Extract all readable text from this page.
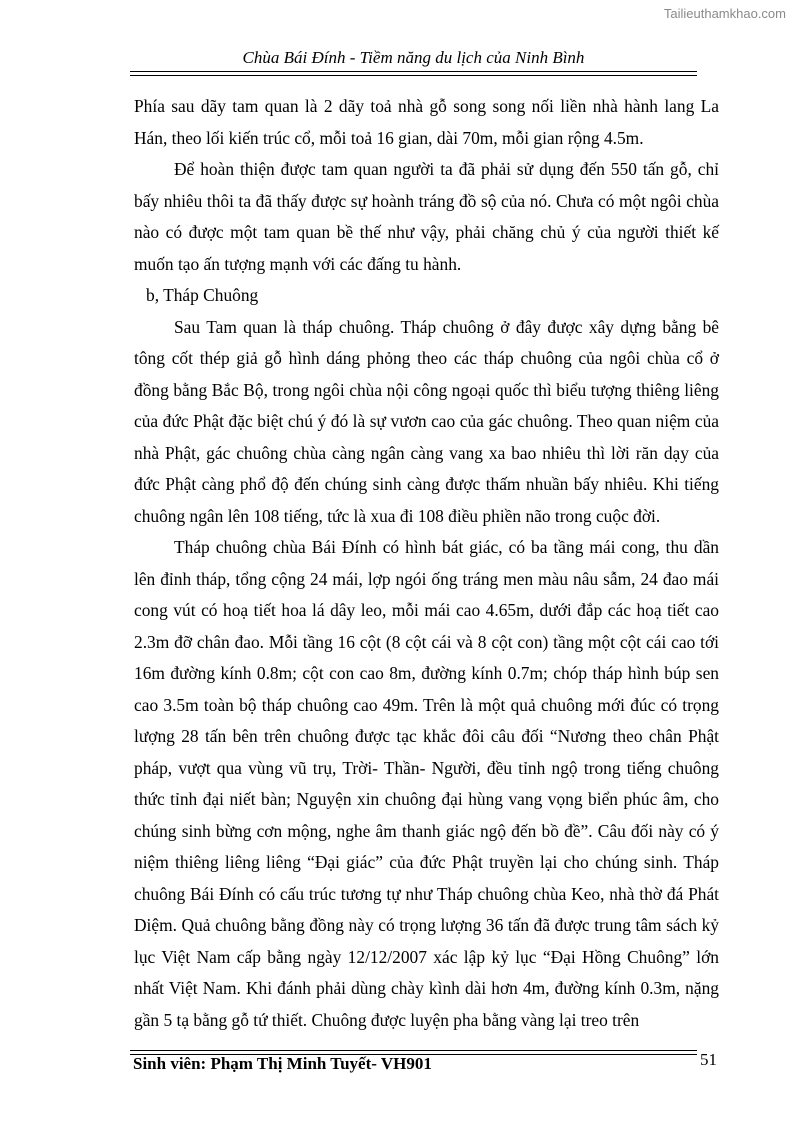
Tailieuthamkhao.com
Chùa Bái Đính - Tiềm năng du lịch của Ninh Bình

Phía sau dãy tam quan là 2 dãy toả nhà gỗ song song nối liền nhà hành lang La Hán, theo lối kiến trúc cổ, mỗi toả 16 gian, dài 70m, mỗi gian rộng 4.5m.

Để hoàn thiện được tam quan người ta đã phải sử dụng đến 550 tấn gỗ, chỉ bấy nhiêu thôi ta đã thấy được sự hoành tráng đồ sộ của nó. Chưa có một ngôi chùa nào có được một tam quan bề thế như vậy, phải chăng chủ ý của người thiết kế muốn tạo ấn tượng mạnh với các đấng tu hành.

b, Tháp Chuông

Sau Tam quan là tháp chuông. Tháp chuông ở đây được xây dựng bằng bê tông cốt thép giả gỗ hình dáng phỏng theo các tháp chuông của ngôi chùa cổ ở đồng bằng Bắc Bộ, trong ngôi chùa nội công ngoại quốc thì biểu tượng thiêng liêng của đức Phật đặc biệt chú ý đó là sự vươn cao của gác chuông. Theo quan niệm của nhà Phật, gác chuông chùa càng ngân càng vang xa bao nhiêu thì lời răn dạy của đức Phật càng phổ độ đến chúng sinh càng được thấm nhuần bấy nhiêu. Khi tiếng chuông ngân lên 108 tiếng, tức là xua đi 108 điều phiền não trong cuộc đời.

Tháp chuông chùa Bái Đính có hình bát giác, có ba tầng mái cong, thu dần lên đỉnh tháp, tổng cộng 24 mái, lợp ngói ống tráng men màu nâu sẫm, 24 đao mái cong vút có hoạ tiết hoa lá dây leo, mỗi mái cao 4.65m, dưới đắp các hoạ tiết cao 2.3m đỡ chân đao. Mỗi tầng 16 cột (8 cột cái và 8 cột con) tầng một cột cái cao tới 16m đường kính 0.8m; cột con cao 8m, đường kính 0.7m; chóp tháp hình búp sen cao 3.5m toàn bộ tháp chuông cao 49m. Trên là một quả chuông mới đúc có trọng lượng 28 tấn bên trên chuông được tạc khắc đôi câu đối “Nương theo chân Phật pháp, vượt qua vùng vũ trụ, Trời- Thần- Người, đều tỉnh ngộ trong tiếng chuông thức tỉnh đại niết bàn; Nguyện xin chuông đại hùng vang vọng biển phúc âm, cho chúng sinh bừng cơn mộng, nghe âm thanh giác ngộ đến bồ đề”. Câu đối này có ý niệm thiêng liêng liêng “Đại giác” của đức Phật truyền lại cho chúng sinh. Tháp chuông Bái Đính có cấu trúc tương tự như Tháp chuông chùa Keo, nhà thờ đá Phát Diệm. Quả chuông bằng đồng này có trọng lượng 36 tấn đã được trung tâm sách kỷ lục Việt Nam cấp bằng ngày 12/12/2007 xác lập kỷ lục “Đại Hồng Chuông” lớn nhất Việt Nam. Khi đánh phải dùng chày kình dài hơn 4m, đường kính 0.3m, nặng gần 5 tạ bằng gỗ tứ thiết. Chuông được luyện pha bằng vàng lại treo trên

Sinh viên: Phạm Thị Minh Tuyết- VH901	51
